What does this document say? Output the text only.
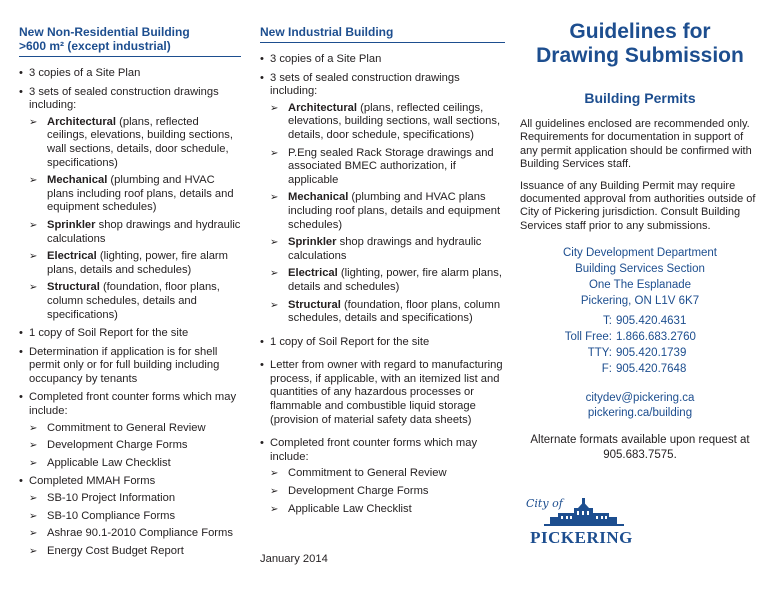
New Non-Residential Building
>600 m² (except industrial)
• 3 copies of a Site Plan
• 3 sets of sealed construction drawings including:
➢ Architectural (plans, reflected ceilings, elevations, building sections, wall sections, details, door schedule, specifications)
➢ Mechanical (plumbing and HVAC plans including roof plans, details and equipment schedules)
➢ Sprinkler shop drawings and hydraulic calculations
➢ Electrical (lighting, power, fire alarm plans, details and schedules)
➢ Structural (foundation, floor plans, column schedules, details and specifications)
• 1 copy of Soil Report for the site
• Determination if application is for shell permit only or for full building including occupancy by tenants
• Completed front counter forms which may include:
➢ Commitment to General Review
➢ Development Charge Forms
➢ Applicable Law Checklist
• Completed MMAH Forms
➢ SB-10 Project Information
➢ SB-10 Compliance Forms
➢ Ashrae 90.1-2010 Compliance Forms
➢ Energy Cost Budget Report
New Industrial Building
• 3 copies of a Site Plan
• 3 sets of sealed construction drawings including:
➢ Architectural (plans, reflected ceilings, elevations, building sections, wall sections, details, door schedule, specifications)
➢ P.Eng sealed Rack Storage drawings and associated BMEC authorization, if applicable
➢ Mechanical (plumbing and HVAC plans including roof plans, details and equipment schedules)
➢ Sprinkler shop drawings and hydraulic calculations
➢ Electrical (lighting, power, fire alarm plans, details and schedules)
➢ Structural (foundation, floor plans, column schedules, details and specifications)
• 1 copy of Soil Report for the site
• Letter from owner with regard to manufacturing process, if applicable, with an itemized list and quantities of any hazardous processes or flammable and combustible liquid storage (provision of material safety data sheets)
• Completed front counter forms which may include:
➢ Commitment to General Review
➢ Development Charge Forms
➢ Applicable Law Checklist
January 2014
Guidelines for
Drawing Submission
Building Permits

All guidelines enclosed are recommended only. Requirements for documentation in support of any permit application should be confirmed with Building Services staff.

Issuance of any Building Permit may require documented approval from authorities outside of City of Pickering jurisdiction. Consult Building Services staff prior to any submissions.

City Development Department
Building Services Section
One The Esplanade
Pickering, ON L1V 6K7
T: 905.420.4631
Toll Free: 1.866.683.2760
TTY: 905.420.1739
F: 905.420.7648
citydev@pickering.ca
pickering.ca/building
Alternate formats available upon request at 905.683.7575.
City of
PICKERING
